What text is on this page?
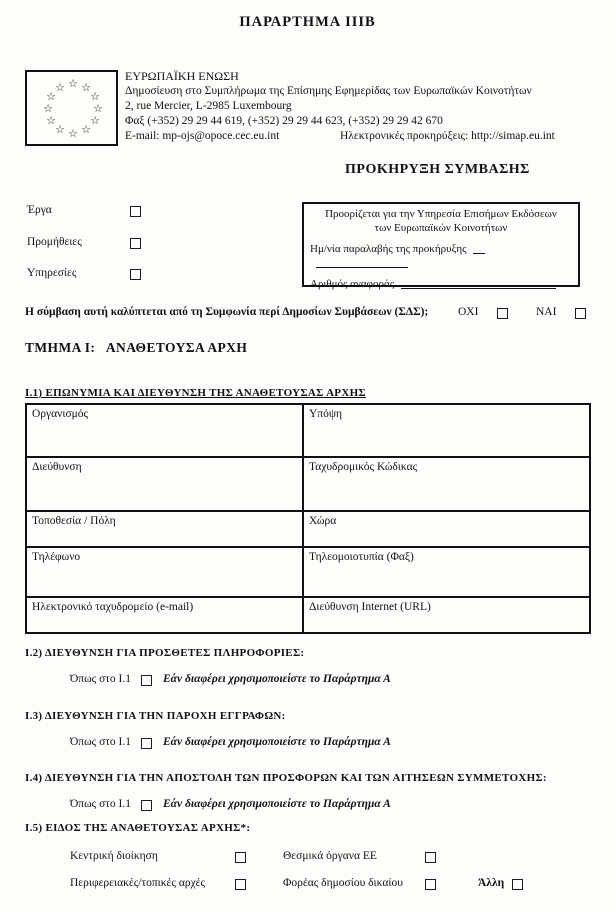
ΠΑΡΑΡΤΗΜΑ ΙΙΙΒ
☆ ☆
☆
☆
☆
☆
☆
☆
☆
☆
☆
☆
ΕΥΡΩΠΑΪΚΗ ΕΝΩΣΗ
Δημοσίευση στο Συμπλήρωμα της Επίσημης Εφημερίδας των Ευρωπαϊκών Κοινοτήτων
2, rue Mercier, L-2985 Luxembourg
Φαξ (+352) 29 29 44 619, (+352) 29 29 44 623, (+352) 29 29 42 670
E-mail: mp-ojs@opoce.cec.eu.int	Ηλεκτρονικές προκηρύξεις: http://simap.eu.int
ΠΡΟΚΗΡΥΞΗ ΣΥΜΒΑΣΗΣ
Έργα
Προμήθειες
Υπηρεσίες
Προορίζεται για την Υπηρεσία Επισήμων Εκδόσεων
των Ευρωπαϊκών Κοινοτήτων
Ημ/νία παραλαβής της προκήρυξης
Αριθμός αναφοράς
Η σύμβαση αυτή καλύπτεται από τη Συμφωνία περί Δημοσίων Συμβάσεων (ΣΔΣ);	ΟΧΙ	ΝΑΙ
ΤΜΗΜΑ Ι:   ΑΝΑΘΕΤΟΥΣΑ ΑΡΧΗ
Ι.1) ΕΠΩΝΥΜΙΑ ΚΑΙ ΔΙΕΥΘΥΝΣΗ ΤΗΣ ΑΝΑΘΕΤΟΥΣΑΣ ΑΡΧΗΣ
Οργανισμός	Υπόψη
Διεύθυνση	Ταχυδρομικός Κώδικας
Τοποθεσία / Πόλη	Χώρα
Τηλέφωνο	Τηλεομοιοτυπία (Φαξ)
Ηλεκτρονικό ταχυδρομείο (e-mail)	Διεύθυνση Internet (URL)
Ι.2) ΔΙΕΥΘΥΝΣΗ ΓΙΑ ΠΡΟΣΘΕΤΕΣ ΠΛΗΡΟΦΟΡΙΕΣ:
Όπως στο Ι.1	Εάν διαφέρει χρησιμοποιείστε το Παράρτημα Α
Ι.3) ΔΙΕΥΘΥΝΣΗ ΓΙΑ ΤΗΝ ΠΑΡΟΧΗ ΕΓΓΡΑΦΩΝ:
Όπως στο Ι.1	Εάν διαφέρει χρησιμοποιείστε το Παράρτημα Α
Ι.4) ΔΙΕΥΘΥΝΣΗ ΓΙΑ ΤΗΝ ΑΠΟΣΤΟΛΗ ΤΩΝ ΠΡΟΣΦΟΡΩΝ ΚΑΙ ΤΩΝ ΑΙΤΗΣΕΩΝ ΣΥΜΜΕΤΟΧΗΣ:
Όπως στο Ι.1	Εάν διαφέρει χρησιμοποιείστε το Παράρτημα Α
Ι.5) ΕΙΔΟΣ ΤΗΣ ΑΝΑΘΕΤΟΥΣΑΣ ΑΡΧΗΣ*:
Κεντρική διοίκηση	Θεσμικά όργανα ΕΕ
Περιφερειακές/τοπικές αρχές	Φορέας δημοσίου δικαίου	Άλλη
